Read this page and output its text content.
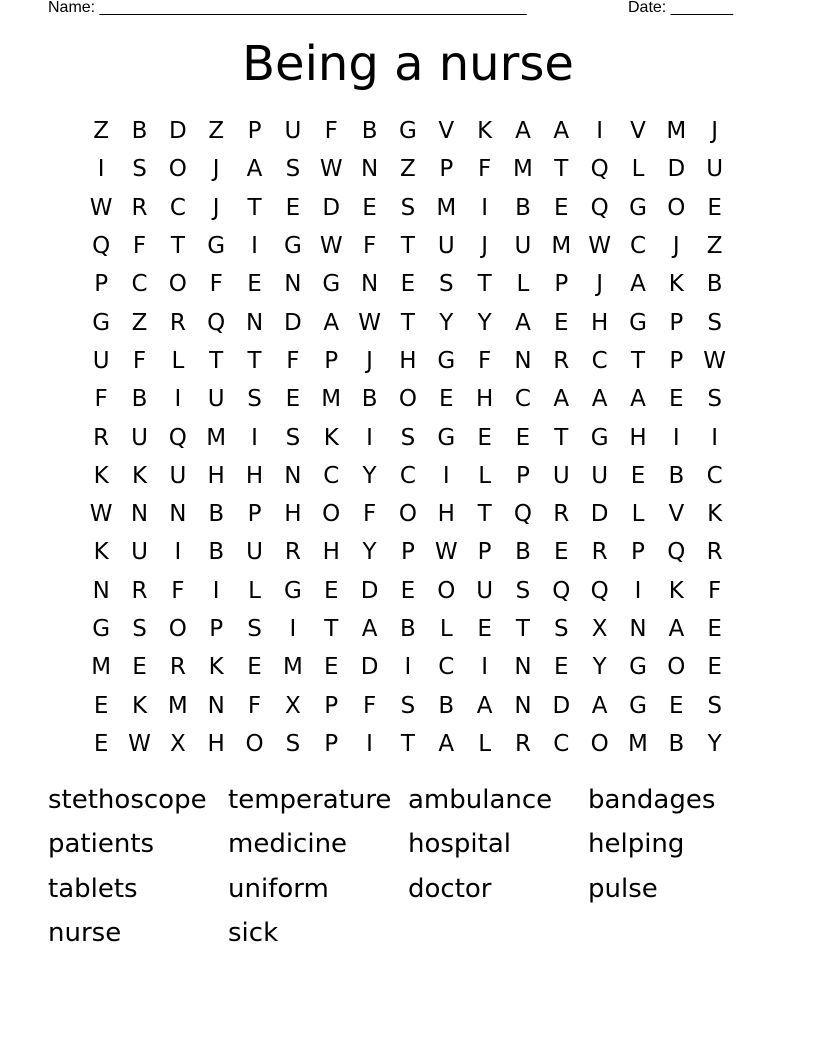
Name: ________________________________________________	Date: _______
Being a nurse
Z B D Z	P U	F	B G V K A A	I	V M	J
I	S O	J	A	S W N Z	P	F M T Q L	D U
W R C	J	T	E D E	S M	I	B	E Q G O E
Q F	T G	I	G W F	T U	J	U M W C	J	Z
P	C O F	E N G N E	S	T	L	P	J	A K B
G Z R Q N D A W T	Y	Y	A	E H G P	S
U	F	L	T	T	F	P	J	H G F	N R C	T	P W
F	B	I	U S	E M B O E H C A A A	E	S
R U Q M	I	S	K	I	S G E	E	T G H	I	I
K	K U H H N C	Y	C	I	L	P U U E	B C
W N N B	P H O F O H T Q R D	L	V K
K U	I	B U R H Y	P W P	B	E	R	P Q R
N R	F	I	L	G E D E O U S Q Q	I	K	F
G S O P	S	I	T	A B	L	E	T	S	X N A	E
M E	R K	E M E D	I	C	I	N E	Y G O E
E	K M N	F	X	P	F	S	B A N D A G E	S
E W X H O S	P	I	T	A	L	R C O M B	Y
stethoscope temperature ambulance	bandages
patients	medicine	hospital	helping
tablets	uniform	doctor	pulse
nurse	sick
